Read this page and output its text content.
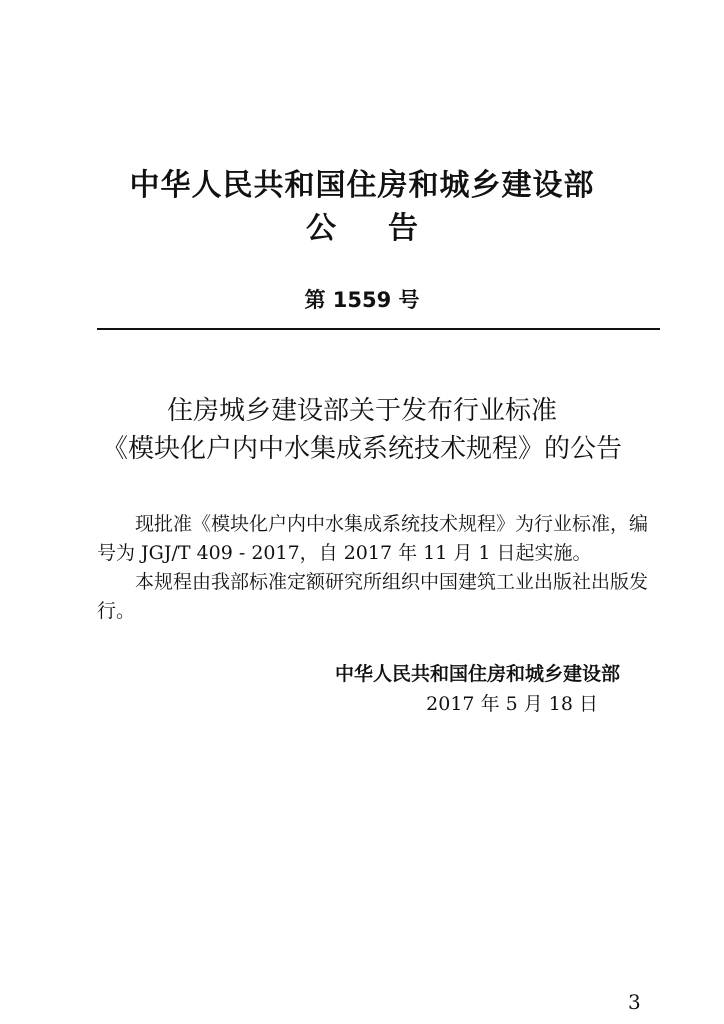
中华人民共和国住房和城乡建设部
公告
第 1559 号
住房城乡建设部关于发布行业标准
《模块化户内中水集成系统技术规程》的公告

现批准《模块化户内中水集成系统技术规程》为行业标准，编号为 JGJ/T 409 - 2017，自 2017 年 11 月 1 日起实施。

本规程由我部标准定额研究所组织中国建筑工业出版社出版发行。

中华人民共和国住房和城乡建设部
2017 年 5 月 18 日
3
